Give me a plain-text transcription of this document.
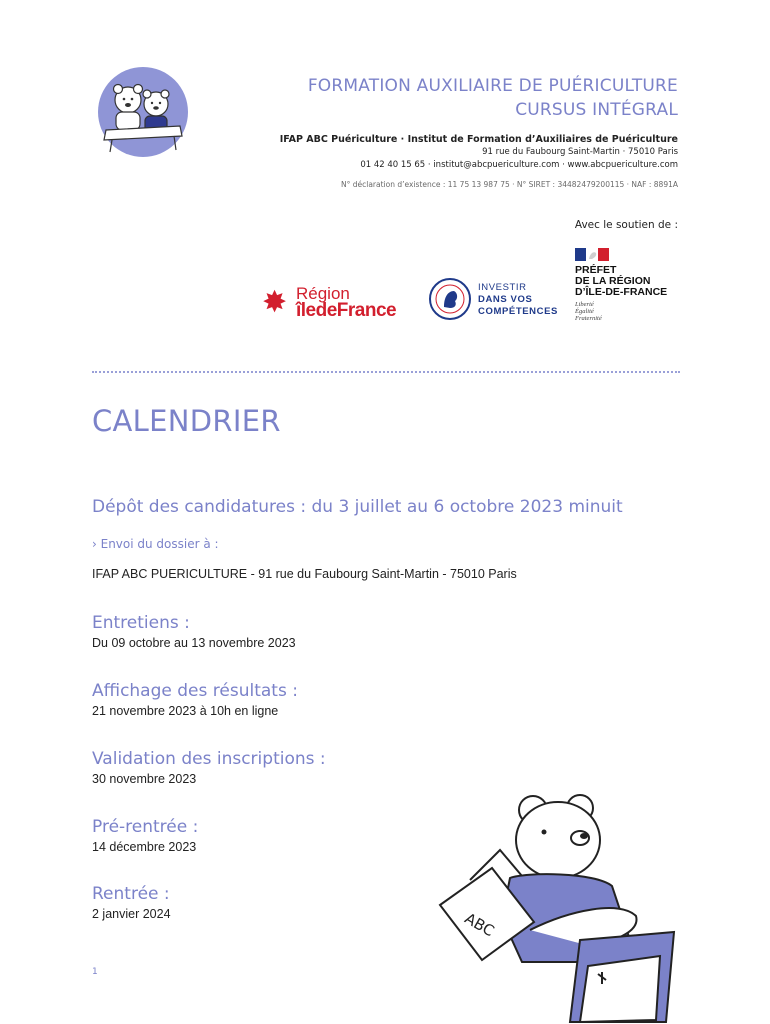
FORMATION AUXILIAIRE DE PUÉRICULTURE
CURSUS INTÉGRAL
IFAP ABC Puériculture · Institut de Formation d’Auxiliaires de Puériculture
91 rue du Faubourg Saint-Martin · 75010 Paris
01 42 40 15 65 · institut@abcpuericulture.com · www.abcpuericulture.com
N° déclaration d’existence : 11 75 13 987 75 · N° SIRET : 34482479200115 · NAF : 8891A
Avec le soutien de :
✸ Région
îledeFrance
INVESTIR
DANS VOS
COMPÉTENCES
PRÉFET
DE LA RÉGION
D’ÎLE-DE-FRANCE
Liberté
Égalité
Fraternité
CALENDRIER
Dépôt des candidatures : du 3 juillet au 6 octobre 2023 minuit
› Envoi du dossier à :
IFAP ABC PUERICULTURE - 91 rue du Faubourg Saint-Martin - 75010 Paris
Entretiens :
Du 09 octobre au 13 novembre 2023
Affichage des résultats :
21 novembre 2023 à 10h en ligne
Validation des inscriptions :
30 novembre 2023
Pré-rentrée :
14 décembre 2023
Rentrée :
2 janvier 2024
1
ABC
